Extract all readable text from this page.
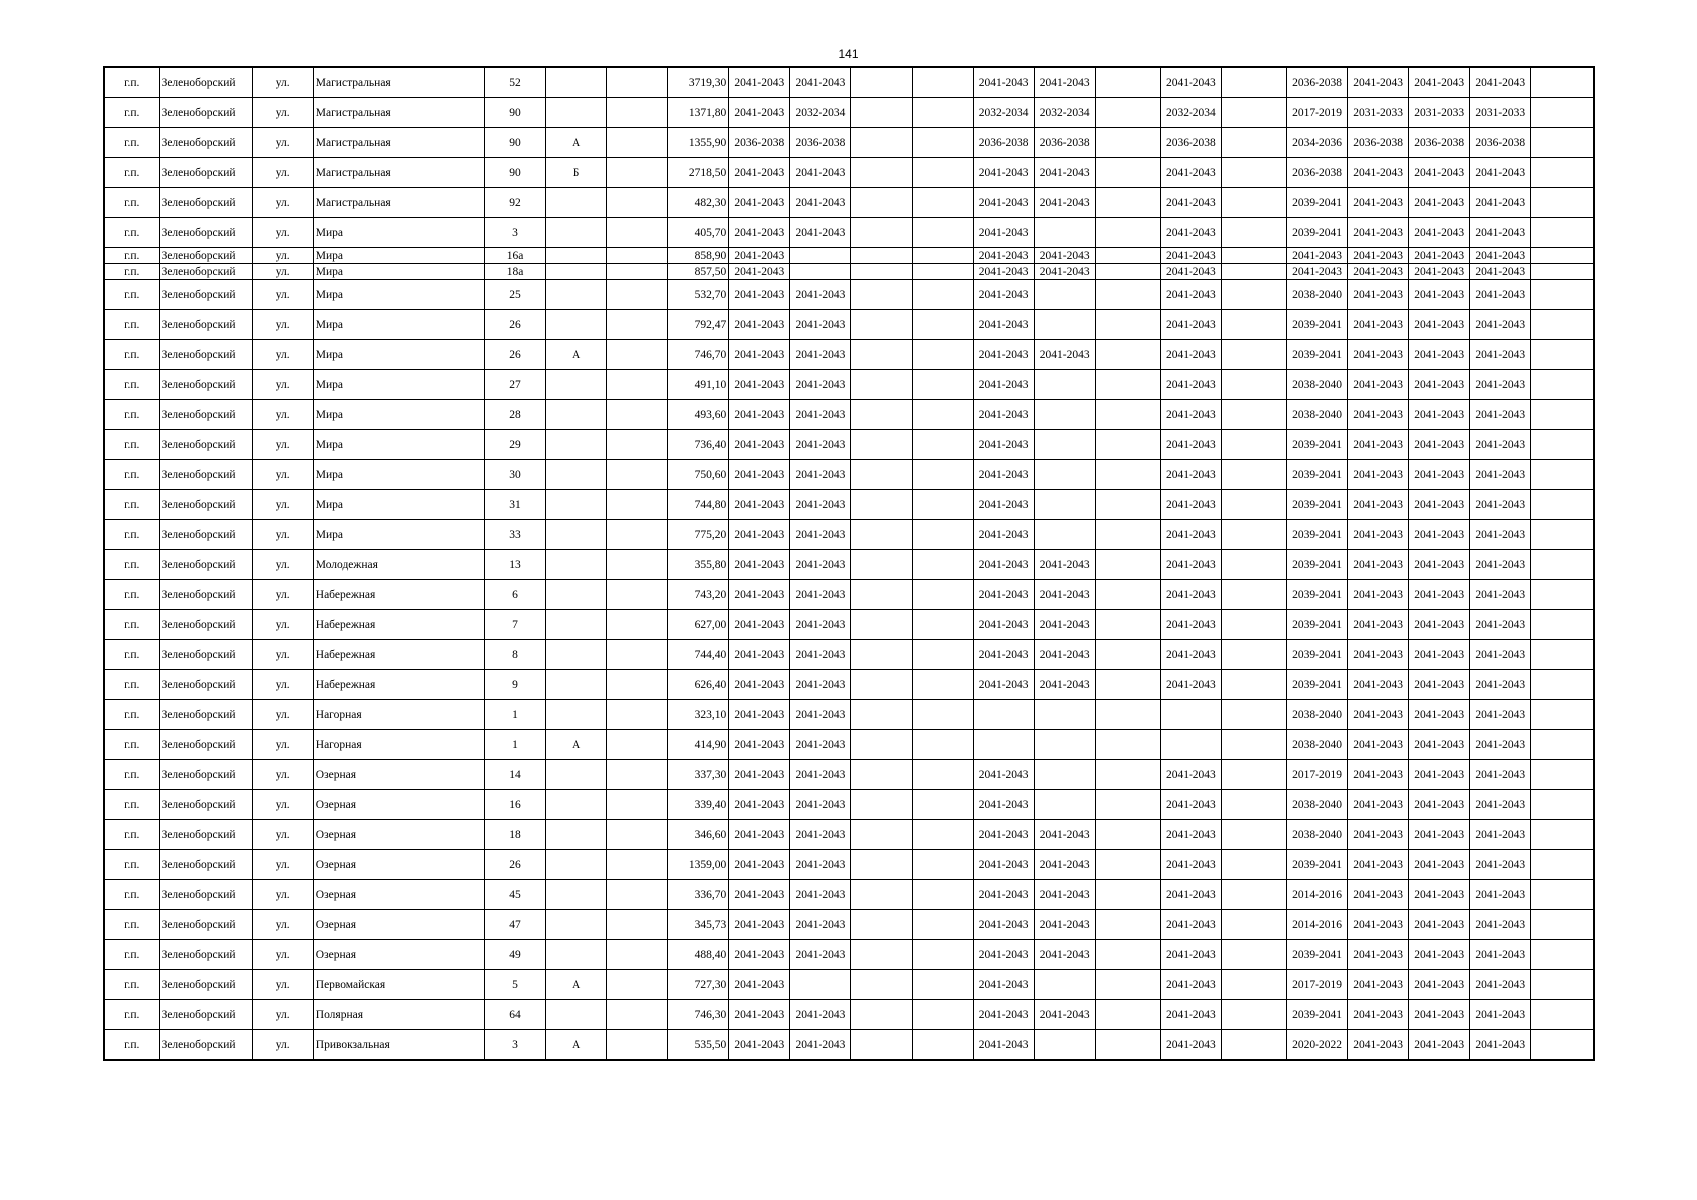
141
г.п.	Зеленоборский	ул.	Магистральная	52			3719,30	2041-2043	2041-2043			2041-2043	2041-2043		2041-2043		2036-2038	2041-2043	2041-2043	2041-2043	
г.п.	Зеленоборский	ул.	Магистральная	90			1371,80	2041-2043	2032-2034			2032-2034	2032-2034		2032-2034		2017-2019	2031-2033	2031-2033	2031-2033	
г.п.	Зеленоборский	ул.	Магистральная	90	А		1355,90	2036-2038	2036-2038			2036-2038	2036-2038		2036-2038		2034-2036	2036-2038	2036-2038	2036-2038	
г.п.	Зеленоборский	ул.	Магистральная	90	Б		2718,50	2041-2043	2041-2043			2041-2043	2041-2043		2041-2043		2036-2038	2041-2043	2041-2043	2041-2043	
г.п.	Зеленоборский	ул.	Магистральная	92			482,30	2041-2043	2041-2043			2041-2043	2041-2043		2041-2043		2039-2041	2041-2043	2041-2043	2041-2043	
г.п.	Зеленоборский	ул.	Мира	3			405,70	2041-2043	2041-2043			2041-2043			2041-2043		2039-2041	2041-2043	2041-2043	2041-2043	
г.п.	Зеленоборский	ул.	Мира	16а			858,90	2041-2043				2041-2043	2041-2043		2041-2043		2041-2043	2041-2043	2041-2043	2041-2043	
г.п.	Зеленоборский	ул.	Мира	18а			857,50	2041-2043				2041-2043	2041-2043		2041-2043		2041-2043	2041-2043	2041-2043	2041-2043	
г.п.	Зеленоборский	ул.	Мира	25			532,70	2041-2043	2041-2043			2041-2043			2041-2043		2038-2040	2041-2043	2041-2043	2041-2043	
г.п.	Зеленоборский	ул.	Мира	26			792,47	2041-2043	2041-2043			2041-2043			2041-2043		2039-2041	2041-2043	2041-2043	2041-2043	
г.п.	Зеленоборский	ул.	Мира	26	А		746,70	2041-2043	2041-2043			2041-2043	2041-2043		2041-2043		2039-2041	2041-2043	2041-2043	2041-2043	
г.п.	Зеленоборский	ул.	Мира	27			491,10	2041-2043	2041-2043			2041-2043			2041-2043		2038-2040	2041-2043	2041-2043	2041-2043	
г.п.	Зеленоборский	ул.	Мира	28			493,60	2041-2043	2041-2043			2041-2043			2041-2043		2038-2040	2041-2043	2041-2043	2041-2043	
г.п.	Зеленоборский	ул.	Мира	29			736,40	2041-2043	2041-2043			2041-2043			2041-2043		2039-2041	2041-2043	2041-2043	2041-2043	
г.п.	Зеленоборский	ул.	Мира	30			750,60	2041-2043	2041-2043			2041-2043			2041-2043		2039-2041	2041-2043	2041-2043	2041-2043	
г.п.	Зеленоборский	ул.	Мира	31			744,80	2041-2043	2041-2043			2041-2043			2041-2043		2039-2041	2041-2043	2041-2043	2041-2043	
г.п.	Зеленоборский	ул.	Мира	33			775,20	2041-2043	2041-2043			2041-2043			2041-2043		2039-2041	2041-2043	2041-2043	2041-2043	
г.п.	Зеленоборский	ул.	Молодежная	13			355,80	2041-2043	2041-2043			2041-2043	2041-2043		2041-2043		2039-2041	2041-2043	2041-2043	2041-2043	
г.п.	Зеленоборский	ул.	Набережная	6			743,20	2041-2043	2041-2043			2041-2043	2041-2043		2041-2043		2039-2041	2041-2043	2041-2043	2041-2043	
г.п.	Зеленоборский	ул.	Набережная	7			627,00	2041-2043	2041-2043			2041-2043	2041-2043		2041-2043		2039-2041	2041-2043	2041-2043	2041-2043	
г.п.	Зеленоборский	ул.	Набережная	8			744,40	2041-2043	2041-2043			2041-2043	2041-2043		2041-2043		2039-2041	2041-2043	2041-2043	2041-2043	
г.п.	Зеленоборский	ул.	Набережная	9			626,40	2041-2043	2041-2043			2041-2043	2041-2043		2041-2043		2039-2041	2041-2043	2041-2043	2041-2043	
г.п.	Зеленоборский	ул.	Нагорная	1			323,10	2041-2043	2041-2043								2038-2040	2041-2043	2041-2043	2041-2043	
г.п.	Зеленоборский	ул.	Нагорная	1	А		414,90	2041-2043	2041-2043								2038-2040	2041-2043	2041-2043	2041-2043	
г.п.	Зеленоборский	ул.	Озерная	14			337,30	2041-2043	2041-2043			2041-2043			2041-2043		2017-2019	2041-2043	2041-2043	2041-2043	
г.п.	Зеленоборский	ул.	Озерная	16			339,40	2041-2043	2041-2043			2041-2043			2041-2043		2038-2040	2041-2043	2041-2043	2041-2043	
г.п.	Зеленоборский	ул.	Озерная	18			346,60	2041-2043	2041-2043			2041-2043	2041-2043		2041-2043		2038-2040	2041-2043	2041-2043	2041-2043	
г.п.	Зеленоборский	ул.	Озерная	26			1359,00	2041-2043	2041-2043			2041-2043	2041-2043		2041-2043		2039-2041	2041-2043	2041-2043	2041-2043	
г.п.	Зеленоборский	ул.	Озерная	45			336,70	2041-2043	2041-2043			2041-2043	2041-2043		2041-2043		2014-2016	2041-2043	2041-2043	2041-2043	
г.п.	Зеленоборский	ул.	Озерная	47			345,73	2041-2043	2041-2043			2041-2043	2041-2043		2041-2043		2014-2016	2041-2043	2041-2043	2041-2043	
г.п.	Зеленоборский	ул.	Озерная	49			488,40	2041-2043	2041-2043			2041-2043	2041-2043		2041-2043		2039-2041	2041-2043	2041-2043	2041-2043	
г.п.	Зеленоборский	ул.	Первомайская	5	А		727,30	2041-2043				2041-2043			2041-2043		2017-2019	2041-2043	2041-2043	2041-2043	
г.п.	Зеленоборский	ул.	Полярная	64			746,30	2041-2043	2041-2043			2041-2043	2041-2043		2041-2043		2039-2041	2041-2043	2041-2043	2041-2043	
г.п.	Зеленоборский	ул.	Привокзальная	3	А		535,50	2041-2043	2041-2043			2041-2043			2041-2043		2020-2022	2041-2043	2041-2043	2041-2043	
